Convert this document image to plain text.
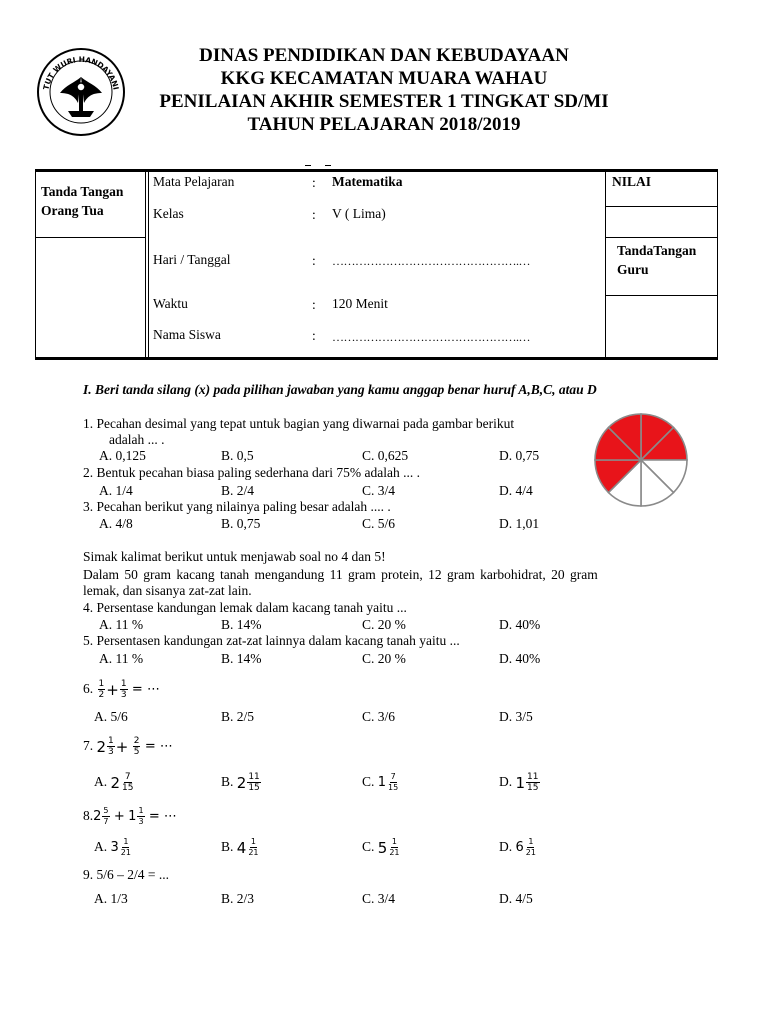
TUT WURI HANDAYANI
DINAS PENDIDIKAN DAN KEBUDAYAAN
KKG KECAMATAN MUARA WAHAU
PENILAIAN AKHIR SEMESTER 1 TINGKAT SD/MI
TAHUN PELAJARAN 2018/2019
Tanda Tangan Orang Tua
NILAI
TandaTangan Guru
Mata Pelajaran	: Matematika
Kelas	: V ( Lima)
Hari / Tanggal	: ………………………………………….…
Waktu	: 120 Menit
Nama Siswa	: ………………………………………….…
I. Beri tanda silang (x) pada pilihan jawaban yang kamu anggap benar huruf A,B,C, atau D
1. Pecahan desimal yang tepat untuk bagian yang diwarnai pada gambar berikut
adalah ... .
A. 0,125	B. 0,5	C. 0,625	D. 0,75
2. Bentuk pecahan biasa paling sederhana dari 75% adalah ... .
A. 1/4	B. 2/4	C. 3/4	D. 4/4
3. Pecahan berikut yang nilainya paling besar adalah .... .
A. 4/8	B. 0,75	C. 5/6	D. 1,01
Simak kalimat berikut untuk menjawab soal no 4 dan 5!
Dalam 50 gram kacang tanah mengandung 11 gram protein, 12 gram karbohidrat, 20 gram
lemak, dan sisanya zat-zat lain.
4. Persentase kandungan lemak dalam kacang tanah yaitu ...
A. 11 %	B. 14%	C. 20 %	D. 40%
5. Persentasen kandungan zat-zat lainnya dalam kacang tanah yaitu ...
A. 11 %	B. 14%	C. 20 %	D. 40%
6. $\frac{1}{2} + \frac{1}{3}$ = ⋯
A. 5/6	B. 2/5	C. 3/6	D. 3/5
7. $2 \frac{1}{3} + \frac{2}{5}$ = ⋯
A. $2 \frac{7}{15}$	B. $2 \frac{11}{15}$	C. $1 \frac{7}{15}$	D. $1 \frac{11}{15}$
$8.2 \frac{5}{7} + 1 \frac{1}{3}$ = ⋯
A. $3 \frac{1}{21}$	B. $4 \frac{1}{21}$	C. $5 \frac{1}{21}$	D. $6 \frac{1}{21}$
9. 5/6 – 2/4 = ...
A. 1/3	B. 2/3	C. 3/4	D. 4/5
